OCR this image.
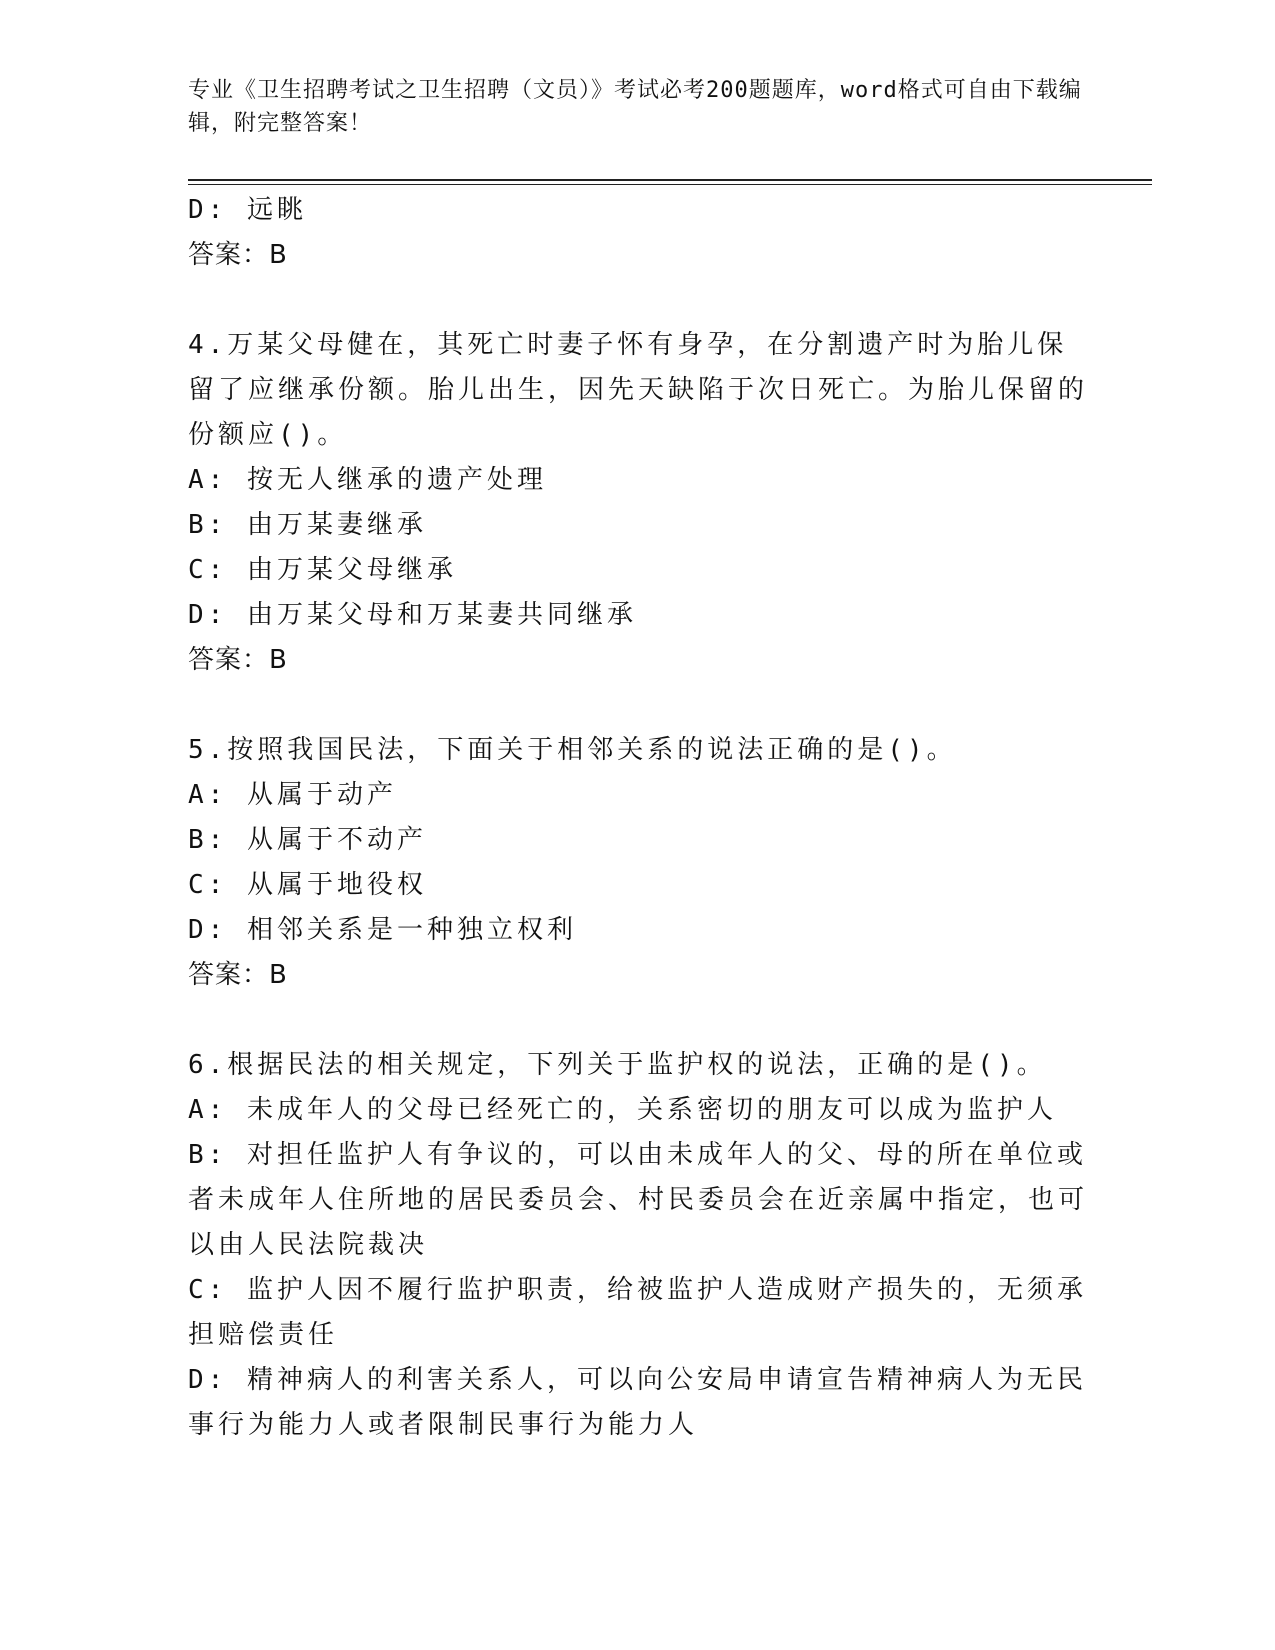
专业《卫生招聘考试之卫生招聘（文员）》考试必考200题题库，word格式可自由下载编辑，附完整答案！
D: 远眺
答案：B
4.万某父母健在，其死亡时妻子怀有身孕，在分割遗产时为胎儿保留了应继承份额。胎儿出生，因先天缺陷于次日死亡。为胎儿保留的份额应()。
A: 按无人继承的遗产处理
B: 由万某妻继承
C: 由万某父母继承
D: 由万某父母和万某妻共同继承
答案：B
5.按照我国民法，下面关于相邻关系的说法正确的是()。
A: 从属于动产
B: 从属于不动产
C: 从属于地役权
D: 相邻关系是一种独立权利
答案：B
6.根据民法的相关规定，下列关于监护权的说法，正确的是()。
A: 未成年人的父母已经死亡的，关系密切的朋友可以成为监护人
B: 对担任监护人有争议的，可以由未成年人的父、母的所在单位或者未成年人住所地的居民委员会、村民委员会在近亲属中指定，也可以由人民法院裁决
C: 监护人因不履行监护职责，给被监护人造成财产损失的，无须承担赔偿责任
D: 精神病人的利害关系人，可以向公安局申请宣告精神病人为无民事行为能力人或者限制民事行为能力人
